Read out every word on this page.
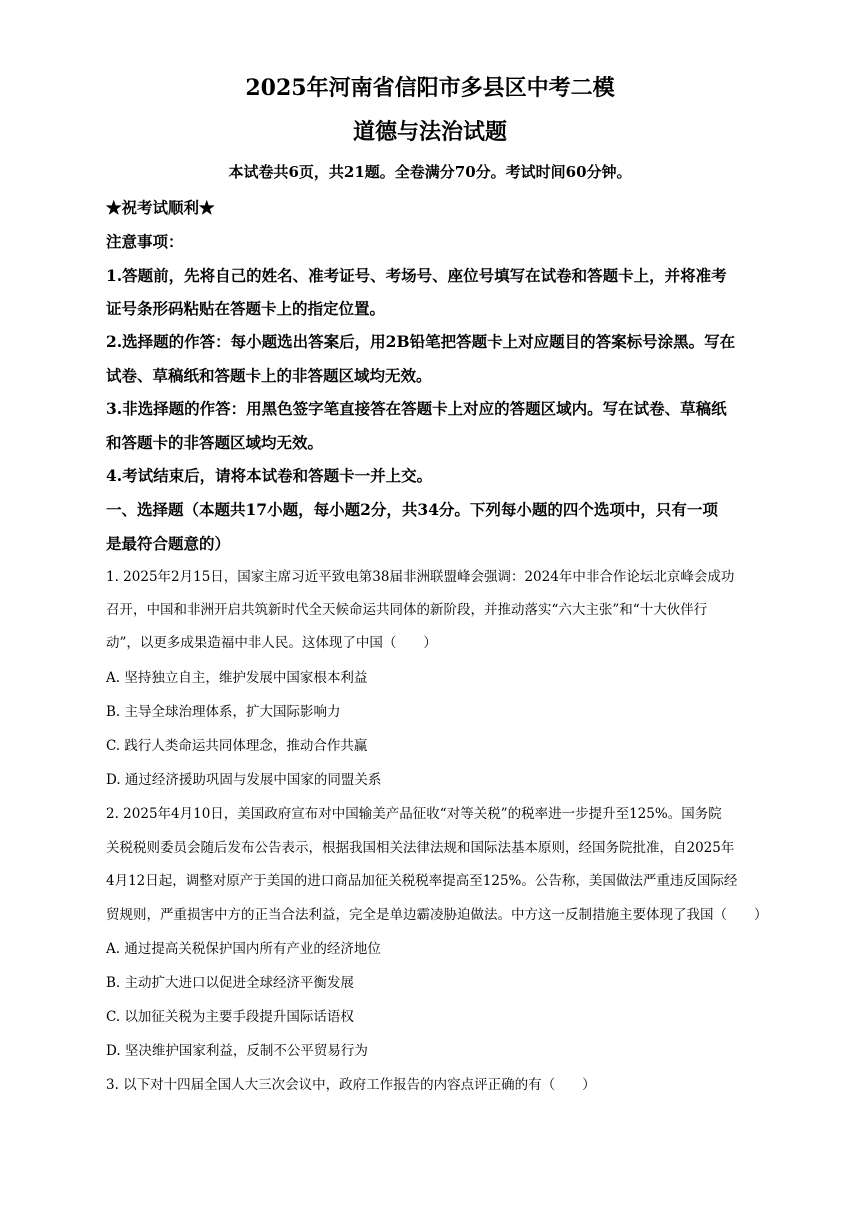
2025年河南省信阳市多县区中考二模
道德与法治试题
本试卷共6页，共21题。全卷满分70分。考试时间60分钟。
★祝考试顺利★
注意事项：
1.答题前，先将自己的姓名、准考证号、考场号、座位号填写在试卷和答题卡上，并将准考
证号条形码粘贴在答题卡上的指定位置。
2.选择题的作答：每小题选出答案后，用2B铅笔把答题卡上对应题目的答案标号涂黑。写在
试卷、草稿纸和答题卡上的非答题区域均无效。
3.非选择题的作答：用黑色签字笔直接答在答题卡上对应的答题区域内。写在试卷、草稿纸
和答题卡的非答题区域均无效。
4.考试结束后，请将本试卷和答题卡一并上交。
一、选择题（本题共17小题，每小题2分，共34分。下列每小题的四个选项中，只有一项
是最符合题意的）
1. 2025年2月15日，国家主席习近平致电第38届非洲联盟峰会强调：2024年中非合作论坛北京峰会成功
召开，中国和非洲开启共筑新时代全天候命运共同体的新阶段，并推动落实“六大主张”和“十大伙伴行
动”，以更多成果造福中非人民。这体现了中国（　　）
A. 坚持独立自主，维护发展中国家根本利益
B. 主导全球治理体系，扩大国际影响力
C. 践行人类命运共同体理念，推动合作共赢
D. 通过经济援助巩固与发展中国家的同盟关系
2. 2025年4月10日，美国政府宣布对中国输美产品征收“对等关税”的税率进一步提升至125%。国务院
关税税则委员会随后发布公告表示，根据我国相关法律法规和国际法基本原则，经国务院批准，自2025年
4月12日起，调整对原产于美国的进口商品加征关税税率提高至125%。公告称，美国做法严重违反国际经
贸规则，严重损害中方的正当合法利益，完全是单边霸凌胁迫做法。中方这一反制措施主要体现了我国（　　）
A. 通过提高关税保护国内所有产业的经济地位
B. 主动扩大进口以促进全球经济平衡发展
C. 以加征关税为主要手段提升国际话语权
D. 坚决维护国家利益，反制不公平贸易行为
3. 以下对十四届全国人大三次会议中，政府工作报告的内容点评正确的有（　　）
